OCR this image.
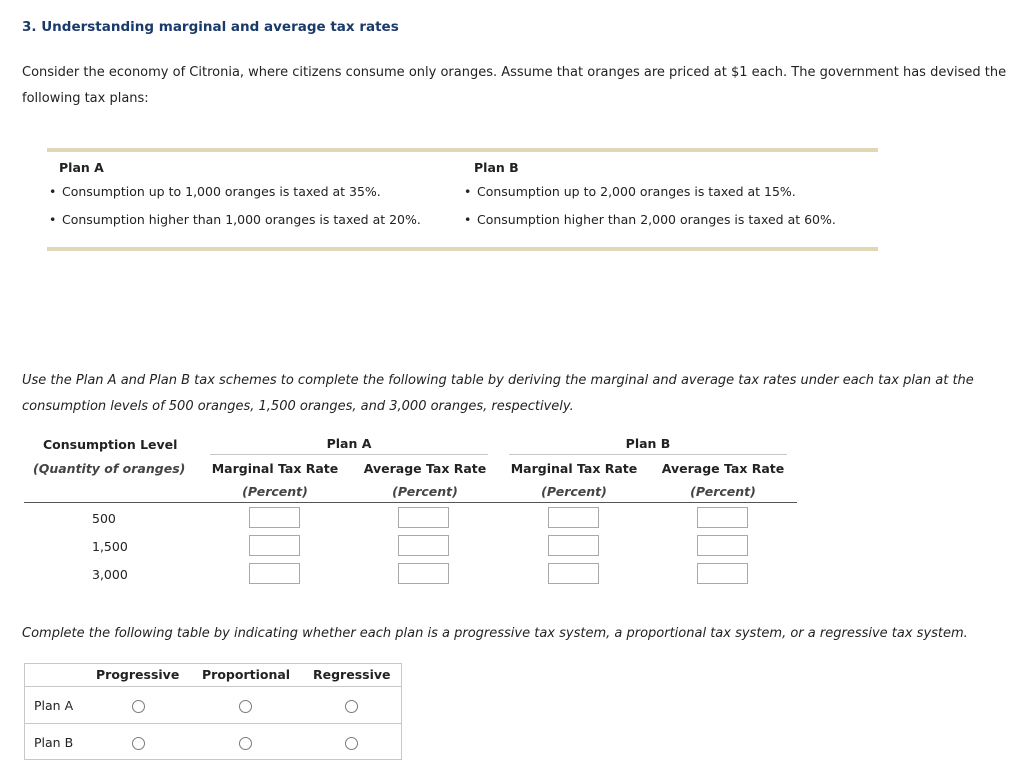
3. Understanding marginal and average tax rates
Consider the economy of Citronia, where citizens consume only oranges. Assume that oranges are priced at $1 each. The government has devised the
following tax plans:
Plan A
• Consumption up to 1,000 oranges is taxed at 35%.
• Consumption higher than 1,000 oranges is taxed at 20%.
Plan B
• Consumption up to 2,000 oranges is taxed at 15%.
• Consumption higher than 2,000 oranges is taxed at 60%.
Use the Plan A and Plan B tax schemes to complete the following table by deriving the marginal and average tax rates under each tax plan at the
consumption levels of 500 oranges, 1,500 oranges, and 3,000 oranges, respectively.
Consumption Level
(Quantity of oranges)
Plan A	Plan B
Marginal Tax Rate	Average Tax Rate	Marginal Tax Rate	Average Tax Rate
(Percent)	(Percent)	(Percent)	(Percent)
500
1,500
3,000
Complete the following table by indicating whether each plan is a progressive tax system, a proportional tax system, or a regressive tax system.
Progressive Proportional Regressive
Plan A
Plan B
